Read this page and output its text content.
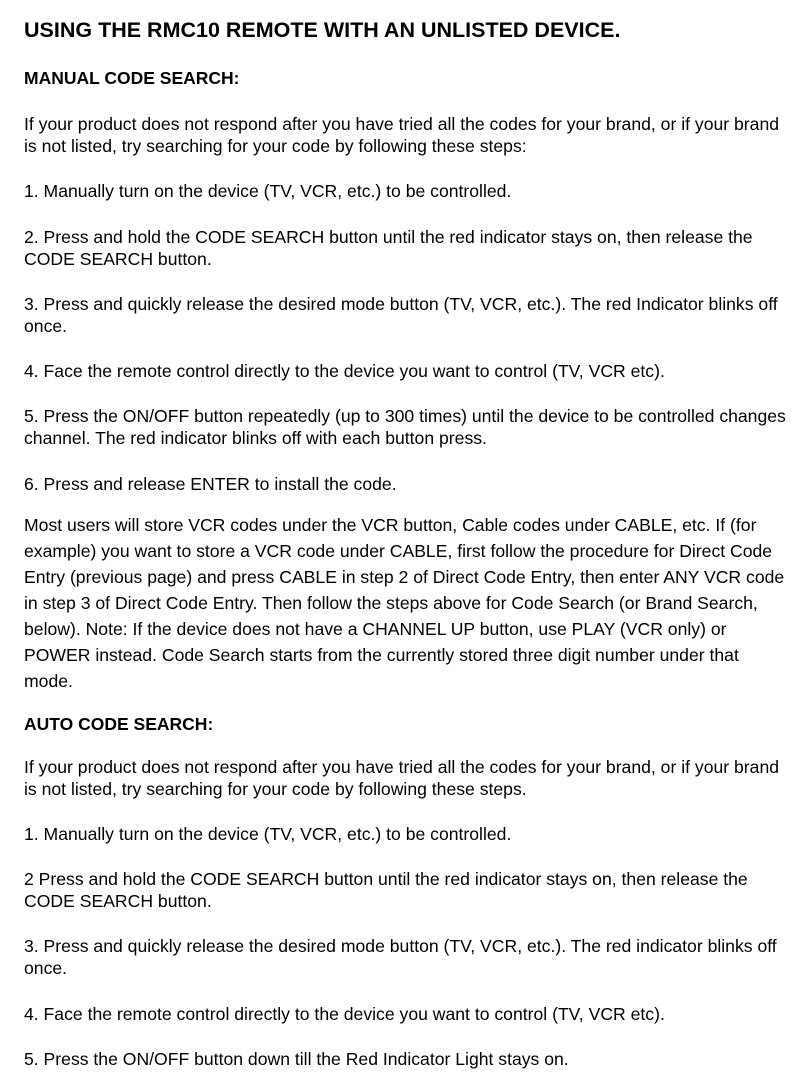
USING THE RMC10 REMOTE WITH AN UNLISTED DEVICE.
MANUAL CODE SEARCH:

If your product does not respond after you have tried all the codes for your brand, or if your brand is not listed, try searching for your code by following these steps:

1. Manually turn on the device (TV, VCR, etc.) to be controlled.

2. Press and hold the CODE SEARCH button until the red indicator stays on, then release the CODE SEARCH button.

3. Press and quickly release the desired mode button (TV, VCR, etc.). The red Indicator blinks off once.

4. Face the remote control directly to the device you want to control (TV, VCR etc).

5. Press the ON/OFF button repeatedly (up to 300 times) until the device to be controlled changes channel. The red indicator blinks off with each button press.

6. Press and release ENTER to install the code.

Most users will store VCR codes under the VCR button, Cable codes under CABLE, etc. If (for example) you want to store a VCR code under CABLE, first follow the procedure for Direct Code Entry (previous page) and press CABLE in step 2 of Direct Code Entry, then enter ANY VCR code in step 3 of Direct Code Entry. Then follow the steps above for Code Search (or Brand Search, below). Note: If the device does not have a CHANNEL UP button, use PLAY (VCR only) or POWER instead. Code Search starts from the currently stored three digit number under that mode.

AUTO CODE SEARCH:

If your product does not respond after you have tried all the codes for your brand, or if your brand is not listed, try searching for your code by following these steps.

1. Manually turn on the device (TV, VCR, etc.) to be controlled.

2 Press and hold the CODE SEARCH button until the red indicator stays on, then release the CODE SEARCH button.

3. Press and quickly release the desired mode button (TV, VCR, etc.). The red indicator blinks off once.

4. Face the remote control directly to the device you want to control (TV, VCR etc).

5. Press the ON/OFF button down till the Red Indicator Light stays on.
